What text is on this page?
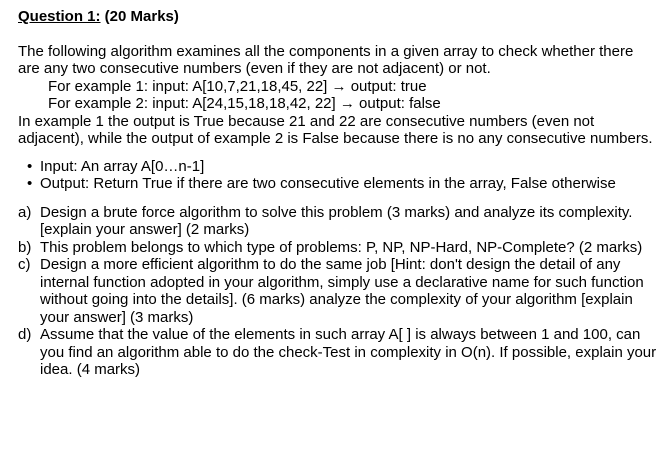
Question 1: (20 Marks)

The following algorithm examines all the components in a given array to check whether there are any two consecutive numbers (even if they are not adjacent) or not.

For example 1: input: A[10,7,21,18,45, 22] → output: true

For example 2: input: A[24,15,18,18,42, 22] → output: false

In example 1 the output is True because 21 and 22 are consecutive numbers (even not adjacent), while the output of example 2 is False because there is no any consecutive numbers.

• Input: An array A[0…n-1]
• Output: Return True if there are two consecutive elements in the array, False otherwise
a) Design a brute force algorithm to solve this problem (3 marks) and analyze its complexity. [explain your answer] (2 marks)
b) This problem belongs to which type of problems: P, NP, NP-Hard, NP-Complete? (2 marks)
c) Design a more efficient algorithm to do the same job [Hint: don't design the detail of any internal function adopted in your algorithm, simply use a declarative name for such function without going into the details]. (6 marks) analyze the complexity of your algorithm [explain your answer] (3 marks)
d) Assume that the value of the elements in such array A[ ] is always between 1 and 100, can you find an algorithm able to do the check-Test in complexity in O(n). If possible, explain your idea. (4 marks)
